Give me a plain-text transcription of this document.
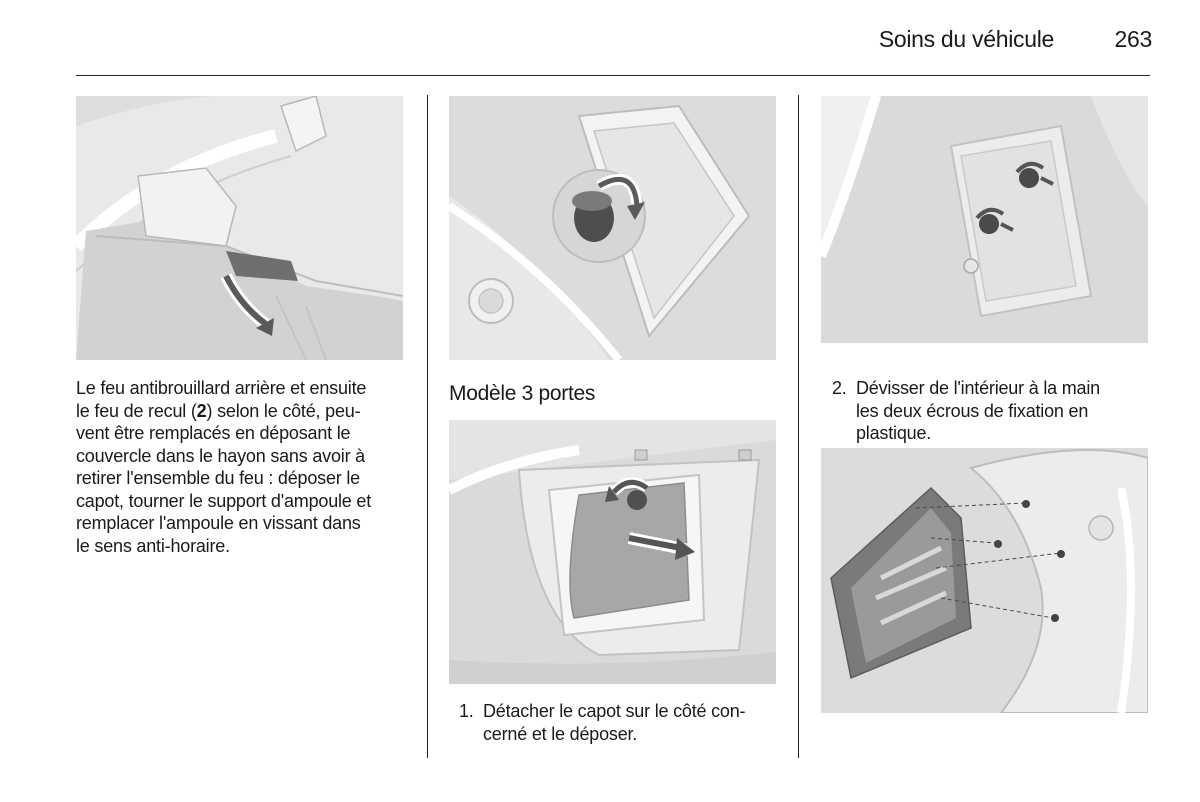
Soins du véhicule	263

Le feu antibrouillard arrière et ensuite
le feu de recul (2) selon le côté, peu-
vent être remplacés en déposant le
couvercle dans le hayon sans avoir à
retirer l'ensemble du feu : déposer le
capot, tourner le support d'ampoule et
remplacer l'ampoule en vissant dans
le sens anti-horaire.

Modèle 3 portes
1. Détacher le capot sur le côté con-
cerné et le déposer.
2. Dévisser de l'intérieur à la main
les deux écrous de fixation en
plastique.
